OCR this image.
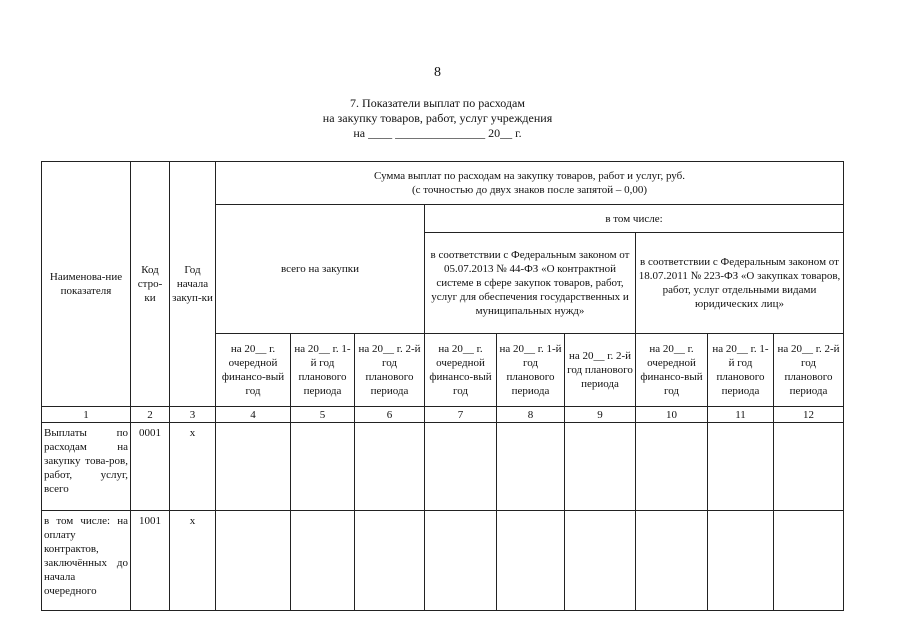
8
7. Показатели выплат по расходам
на закупку товаров, работ, услуг учреждения
на ____ _______________ 20__ г.
Наименова-ние показателя	Код стро-ки	Год начала закуп-ки	Сумма выплат по расходам на закупку товаров, работ и услуг, руб.
(с точностью до двух знаков после запятой – 0,00)								

			всего на закупки			в том числе:					
						в соответствии с Федеральным законом от 05.07.2013 № 44-ФЗ «О контрактной системе в сфере закупок товаров, работ, услуг для обеспечения государственных и муниципальных нужд»			в соответствии с Федеральным законом от 18.07.2011 № 223-ФЗ «О закупках товаров, работ, услуг отдельными видами юридических лиц»		
			на 20__ г. очередной финансо-вый год	на 20__ г. 1-й год планового периода	на 20__ г. 2-й год планового периода	на 20__ г. очередной финансо-вый год	на 20__ г. 1-й год планового периода	на 20__ г. 2-й год планового периода	на 20__ г. очередной финансо-вый год	на 20__ г. 1-й год планового периода	на 20__ г. 2-й год планового периода
1	2	3	4	5	6	7	8	9	10	11	12
Выплаты по расходам на закупку това-ров, работ, услуг, всего	0001	x									
в том числе: на оплату контрактов, заключённых до начала очередного	1001	x									
